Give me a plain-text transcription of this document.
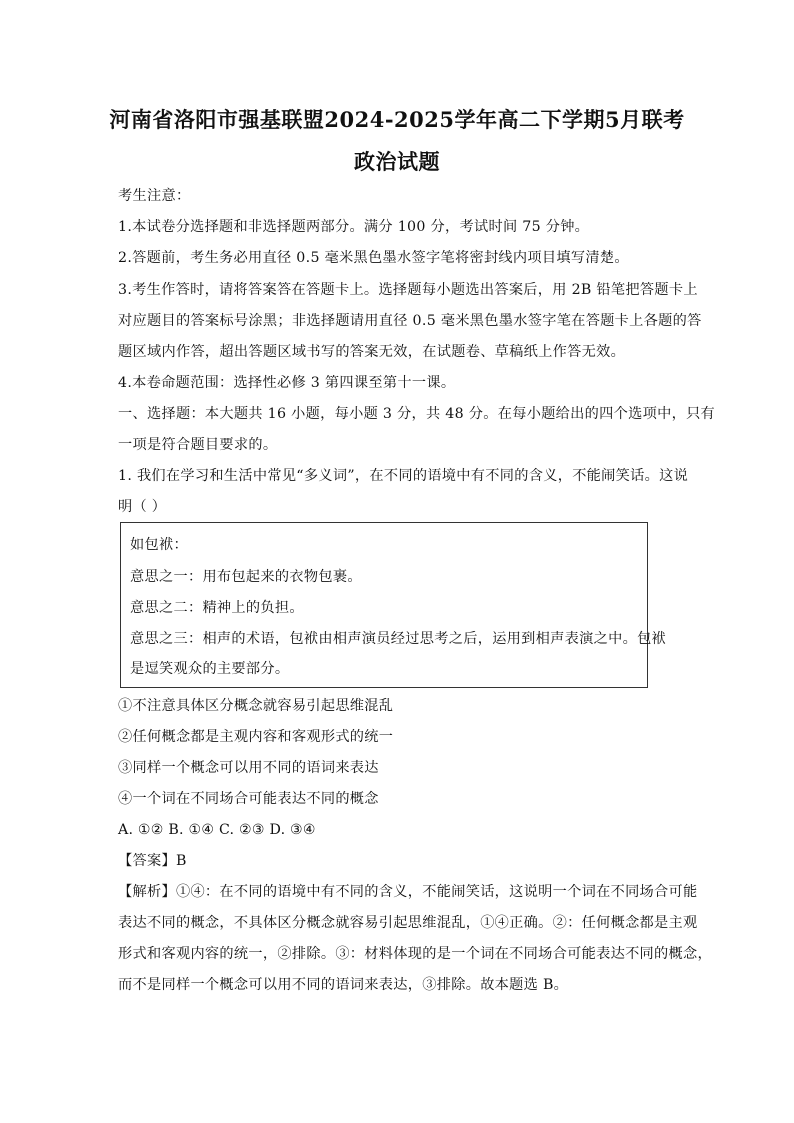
河南省洛阳市强基联盟2024-2025学年高二下学期5月联考
政治试题
考生注意：
1.本试卷分选择题和非选择题两部分。满分 100 分，考试时间 75 分钟。
2.答题前，考生务必用直径 0.5 毫米黑色墨水签字笔将密封线内项目填写清楚。
3.考生作答时，请将答案答在答题卡上。选择题每小题选出答案后，用 2B 铅笔把答题卡上
对应题目的答案标号涂黑；非选择题请用直径 0.5 毫米黑色墨水签字笔在答题卡上各题的答
题区域内作答，超出答题区域书写的答案无效，在试题卷、草稿纸上作答无效。
4.本卷命题范围：选择性必修 3 第四课至第十一课。
一、选择题：本大题共 16 小题，每小题 3 分，共 48 分。在每小题给出的四个选项中，只有
一项是符合题目要求的。
1. 我们在学习和生活中常见“多义词”，在不同的语境中有不同的含义，不能闹笑话。这说
明（ ）
如包袱：
意思之一：用布包起来的衣物包裹。
意思之二：精神上的负担。
意思之三：相声的术语，包袱由相声演员经过思考之后，运用到相声表演之中。包袱
是逗笑观众的主要部分。
①不注意具体区分概念就容易引起思维混乱
②任何概念都是主观内容和客观形式的统一
③同样一个概念可以用不同的语词来表达
④一个词在不同场合可能表达不同的概念
A. ①② B. ①④ C. ②③ D. ③④
【答案】B
【解析】①④：在不同的语境中有不同的含义，不能闹笑话，这说明一个词在不同场合可能
表达不同的概念，不具体区分概念就容易引起思维混乱，①④正确。②：任何概念都是主观
形式和客观内容的统一，②排除。③：材料体现的是一个词在不同场合可能表达不同的概念，
而不是同样一个概念可以用不同的语词来表达，③排除。故本题选 B。
